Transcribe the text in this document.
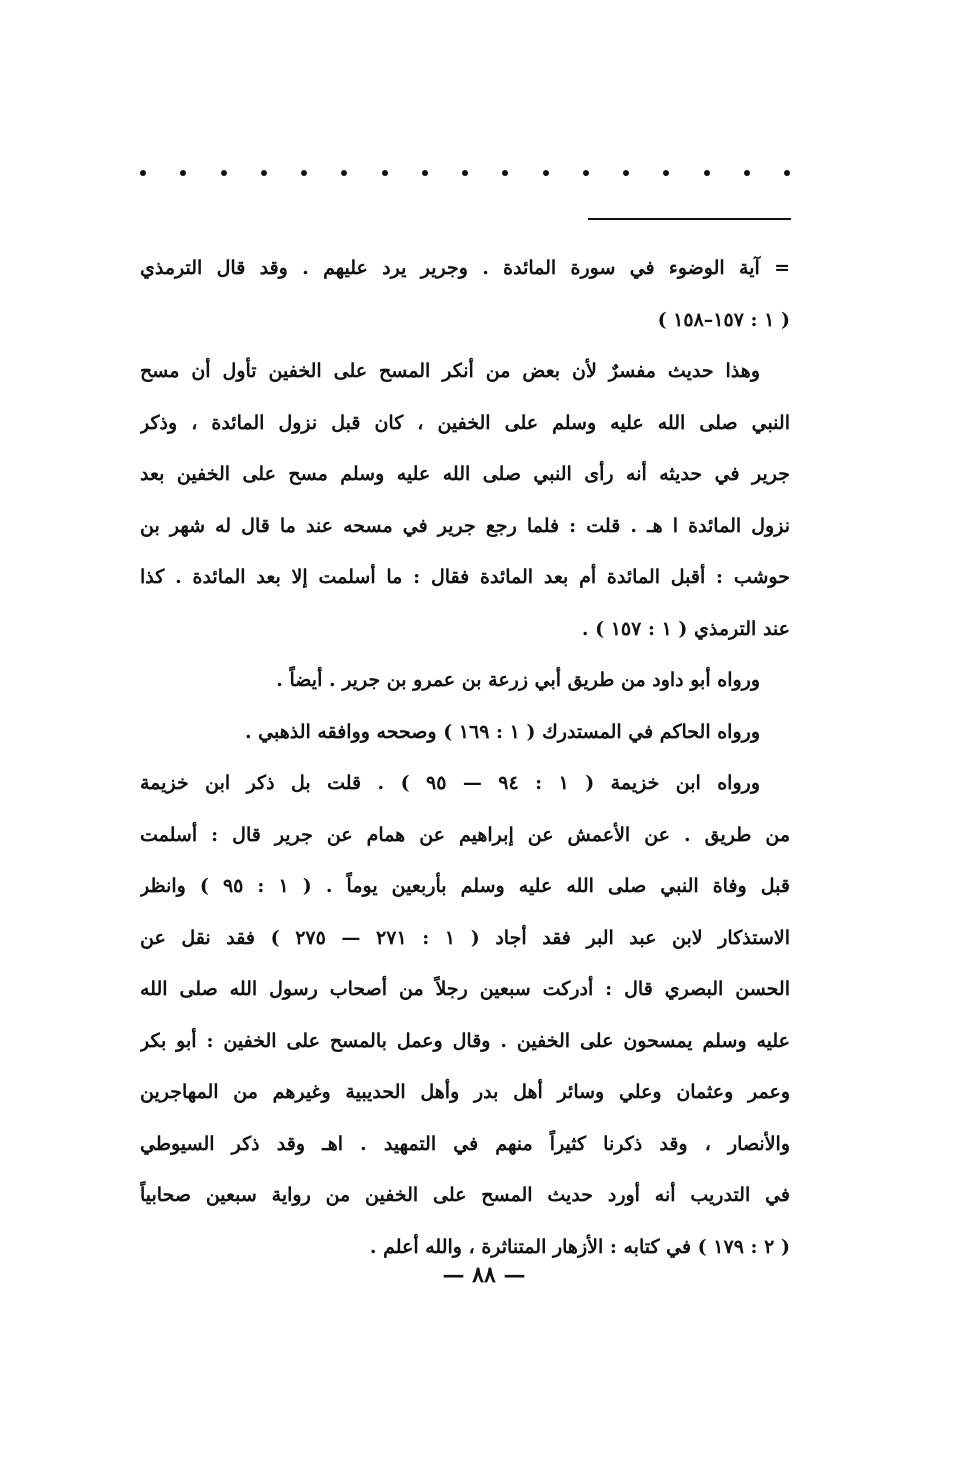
= آية الوضوء في سورة المائدة . وجرير يرد عليهم . وقد قال الترمذي
( ١ : ١٥٧–١٥٨ )
وهذا حديث مفسرٌ لأن بعض من أنكر المسح على الخفين تأول أن مسح
النبي صلى الله عليه وسلم على الخفين ، كان قبل نزول المائدة ، وذكر
جرير في حديثه أنه رأى النبي صلى الله عليه وسلم مسح على الخفين بعد
نزول المائدة ا هـ . قلت : فلما رجع جرير في مسحه عند ما قال له شهر بن
حوشب : أقبل المائدة أم بعد المائدة فقال : ما أسلمت إلا بعد المائدة . كذا
عند الترمذي ( ١ : ١٥٧ ) .
ورواه أبو داود من طريق أبي زرعة بن عمرو بن جرير . أيضاً .
ورواه الحاكم في المستدرك ( ١ : ١٦٩ ) وصححه ووافقه الذهبي .
ورواه ابن خزيمة ( ١ : ٩٤ — ٩٥ ) . قلت بل ذكر ابن خزيمة
من طريق . عن الأعمش عن إبراهيم عن همام عن جرير قال : أسلمت
قبل وفاة النبي صلى الله عليه وسلم بأربعين يوماً . ( ١ : ٩٥ ) وانظر
الاستذكار لابن عبد البر فقد أجاد ( ١ : ٢٧١ — ٢٧٥ ) فقد نقل عن
الحسن البصري قال : أدركت سبعين رجلاً من أصحاب رسول الله صلى الله
عليه وسلم يمسحون على الخفين . وقال وعمل بالمسح على الخفين : أبو بكر
وعمر وعثمان وعلي وسائر أهل بدر وأهل الحديبية وغيرهم من المهاجرين
والأنصار ، وقد ذكرنا كثيراً منهم في التمهيد . اهـ وقد ذكر السيوطي
في التدريب أنه أورد حديث المسح على الخفين من رواية سبعين صحابياً
( ٢ : ١٧٩ ) في كتابه : الأزهار المتناثرة ، والله أعلم .
— ٨٨ —
